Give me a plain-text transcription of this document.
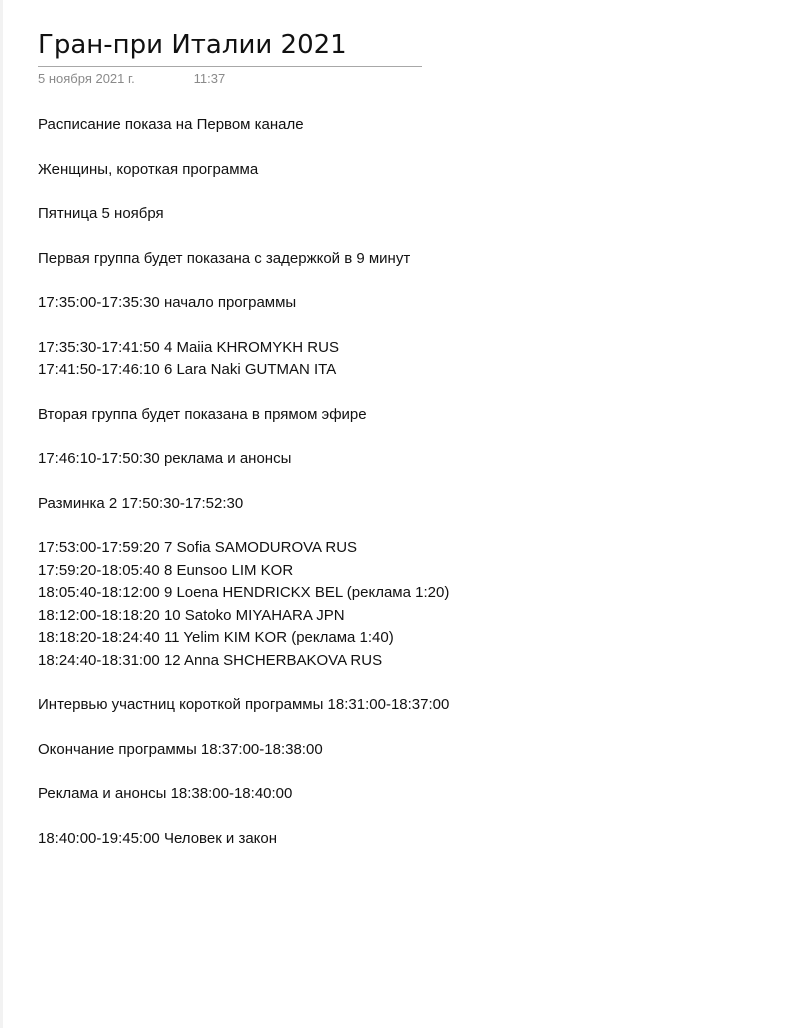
Гран-при Италии 2021
5 ноября 2021 г.	11:37
Расписание показа на Первом канале
Женщины, короткая программа
Пятница 5 ноября
Первая группа будет показана с задержкой в 9 минут
17:35:00-17:35:30 начало программы
17:35:30-17:41:50 4 Maiia KHROMYKH RUS
17:41:50-17:46:10 6 Lara Naki GUTMAN ITA
Вторая группа будет показана в прямом эфире
17:46:10-17:50:30 реклама и анонсы
Разминка 2 17:50:30-17:52:30
17:53:00-17:59:20 7 Sofia SAMODUROVA RUS
17:59:20-18:05:40 8 Eunsoo LIM KOR
18:05:40-18:12:00 9 Loena HENDRICKX BEL (реклама 1:20)
18:12:00-18:18:20 10 Satoko MIYAHARA JPN
18:18:20-18:24:40 11 Yelim KIM KOR (реклама 1:40)
18:24:40-18:31:00 12 Anna SHCHERBAKOVA RUS
Интервью участниц короткой программы 18:31:00-18:37:00
Окончание программы 18:37:00-18:38:00
Реклама и анонсы 18:38:00-18:40:00
18:40:00-19:45:00 Человек и закон
